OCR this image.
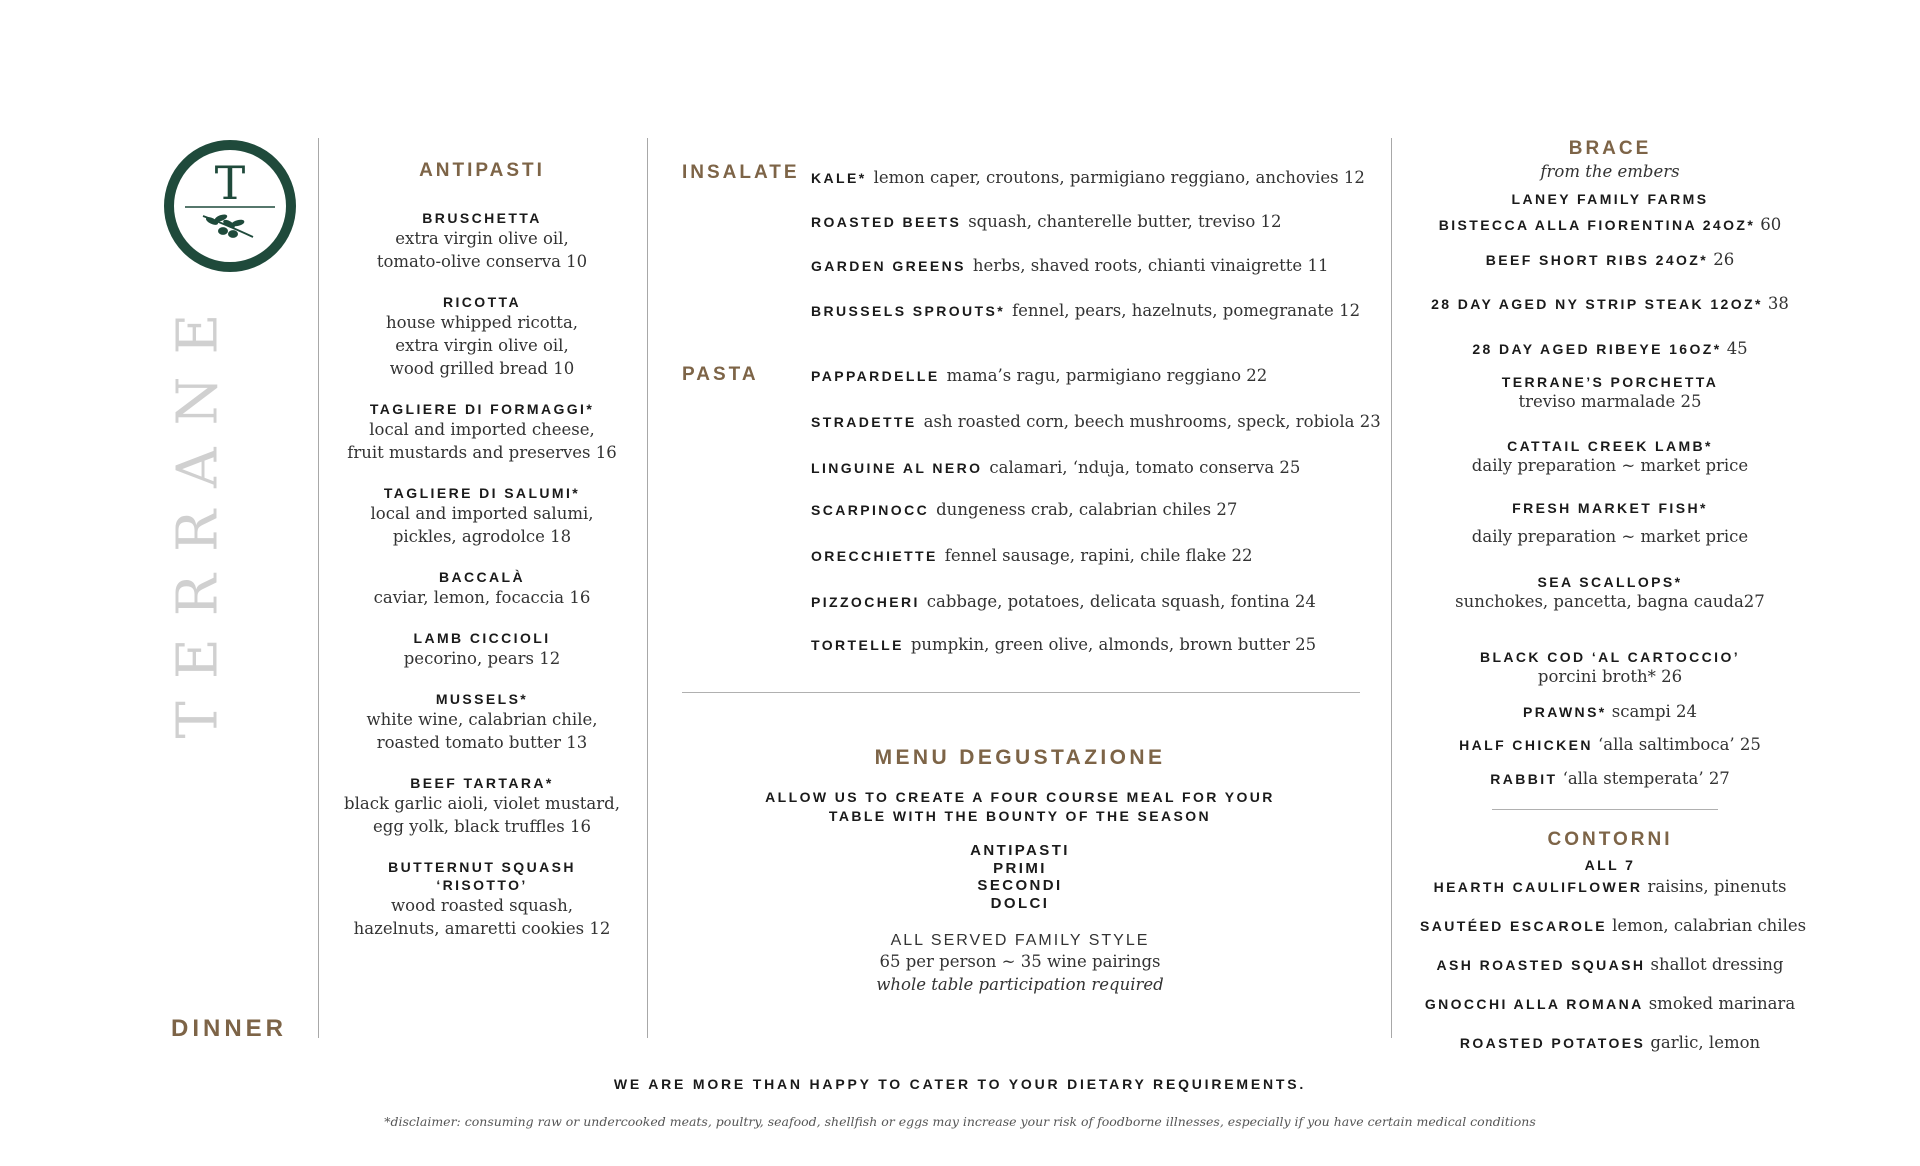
T
TERRANE
DINNER
ANTIPASTI
BRUSCHETTA
extra virgin olive oil,
tomato-olive conserva 10
RICOTTA
house whipped ricotta,
extra virgin olive oil,
wood grilled bread 10
TAGLIERE DI FORMAGGI*
local and imported cheese,
fruit mustards and preserves 16
TAGLIERE DI SALUMI*
local and imported salumi,
pickles, agrodolce 18
BACCALÀ
caviar, lemon, focaccia 16
LAMB CICCIOLI
pecorino, pears 12
MUSSELS*
white wine, calabrian chile,
roasted tomato butter 13
BEEF TARTARA*
black garlic aioli, violet mustard,
egg yolk, black truffles 16
BUTTERNUT SQUASH
‘RISOTTO’
wood roasted squash,
hazelnuts, amaretti cookies 12
INSALATE KALE* lemon caper, croutons, parmigiano reggiano, anchovies 12
ROASTED BEETS squash, chanterelle butter, treviso 12
GARDEN GREENS herbs, shaved roots, chianti vinaigrette 11
BRUSSELS SPROUTS* fennel, pears, hazelnuts, pomegranate 12
PASTA	PAPPARDELLE mama’s ragu, parmigiano reggiano 22
STRADETTE ash roasted corn, beech mushrooms, speck, robiola 23
LINGUINE AL NERO calamari, ‘nduja, tomato conserva 25
SCARPINOCC dungeness crab, calabrian chiles 27
ORECCHIETTE fennel sausage, rapini, chile flake 22
PIZZOCHERI cabbage, potatoes, delicata squash, fontina 24
TORTELLE pumpkin, green olive, almonds, brown butter 25
MENU DEGUSTAZIONE
ALLOW US TO CREATE A FOUR COURSE MEAL FOR YOUR
TABLE WITH THE BOUNTY OF THE SEASON
ANTIPASTI
PRIMI
SECONDI
DOLCI
ALL SERVED FAMILY STYLE
65 per person ~ 35 wine pairings
whole table participation required
BRACE
from the embers
LANEY FAMILY FARMS
BISTECCA ALLA FIORENTINA 24OZ* 60
BEEF SHORT RIBS 24OZ* 26
28 DAY AGED NY STRIP STEAK 12OZ* 38
28 DAY AGED RIBEYE 16OZ* 45
TERRANE’S PORCHETTA
treviso marmalade 25
CATTAIL CREEK LAMB*
daily preparation ~ market price
FRESH MARKET FISH*
daily preparation ~ market price
SEA SCALLOPS*
sunchokes, pancetta, bagna cauda27
BLACK COD ‘AL CARTOCCIO’
porcini broth* 26
PRAWNS* scampi 24
HALF CHICKEN ‘alla saltimboca’ 25
RABBIT ‘alla stemperata’ 27
CONTORNI
ALL 7
HEARTH CAULIFLOWER raisins, pinenuts
SAUTÉED ESCAROLE lemon, calabrian chiles
ASH ROASTED SQUASH shallot dressing
GNOCCHI ALLA ROMANA smoked marinara
ROASTED POTATOES garlic, lemon
WE ARE MORE THAN HAPPY TO CATER TO YOUR DIETARY REQUIREMENTS.
*disclaimer: consuming raw or undercooked meats, poultry, seafood, shellfish or eggs may increase your risk of foodborne illnesses, especially if you have certain medical conditions
